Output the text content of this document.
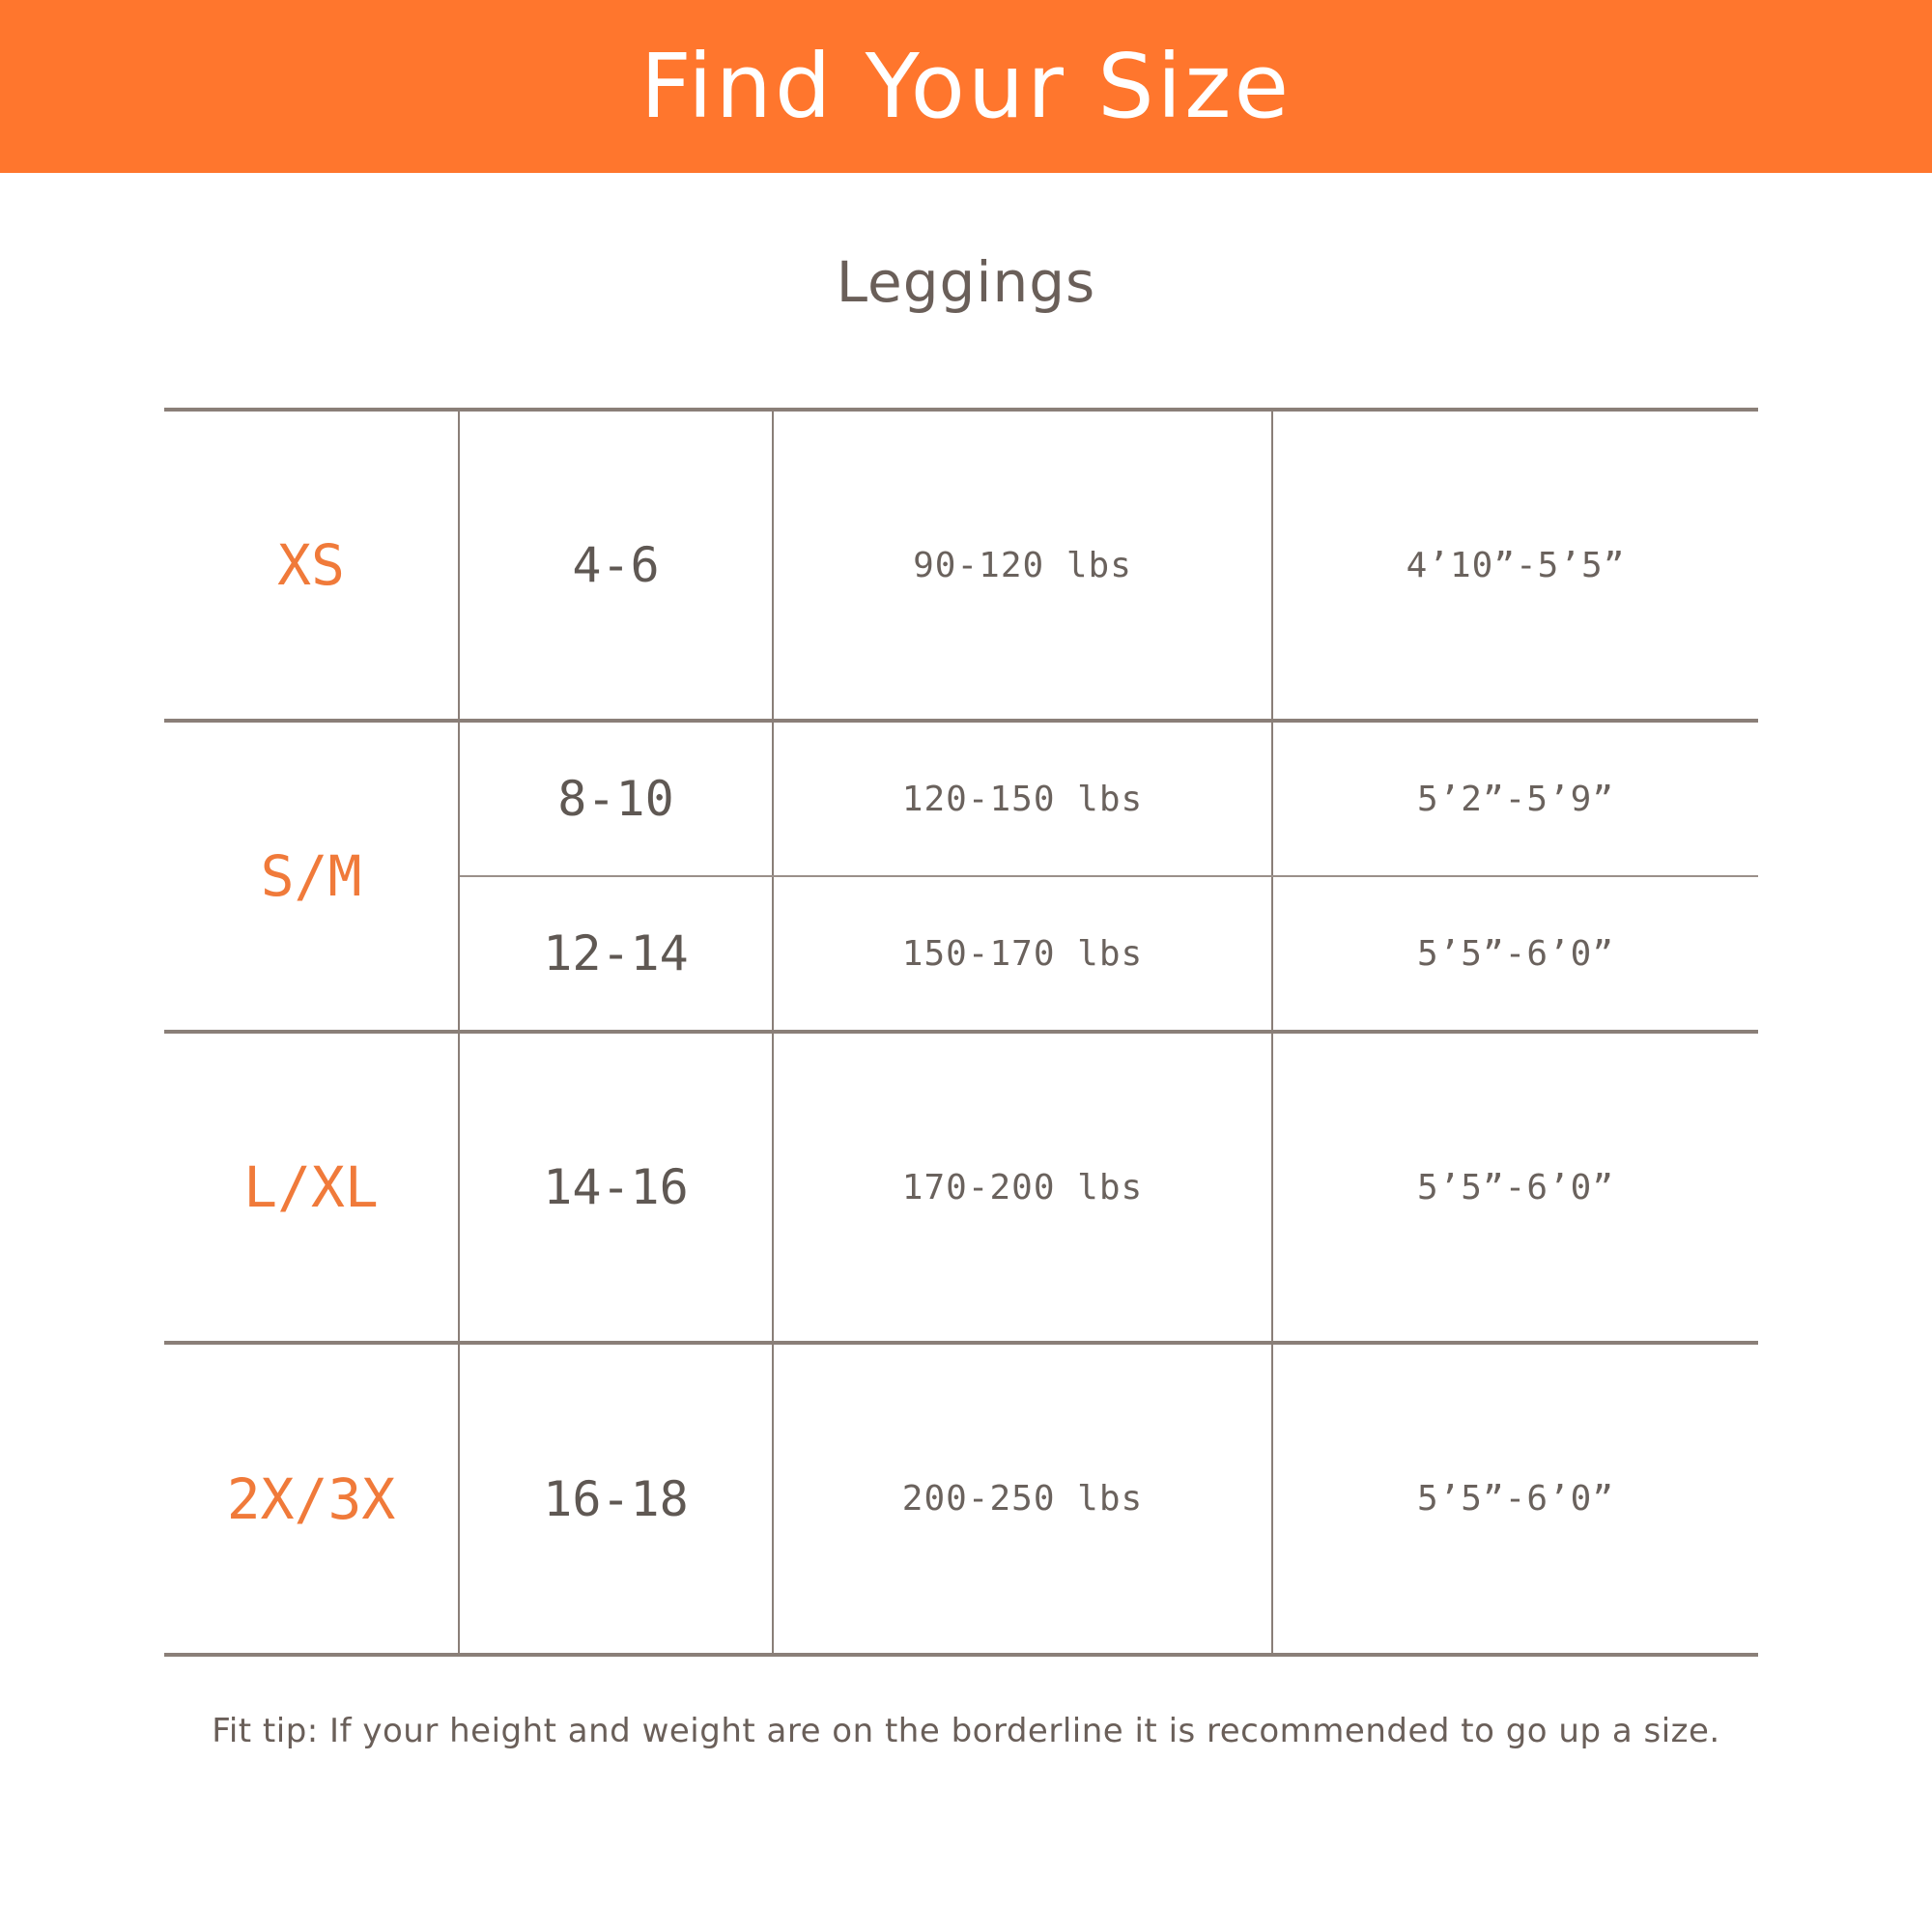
Find Your Size
Leggings
XS	4-6	90-120 lbs	4’10”-5’5”
S/M	8-10	120-150 lbs	5’2”-5’9”
	12-14	150-170 lbs	5’5”-6’0”
L/XL	14-16	170-200 lbs	5’5”-6’0”
2X/3X	16-18	200-250 lbs	5’5”-6’0”
Fit tip: If your height and weight are on the borderline it is recommended to go up a size.
